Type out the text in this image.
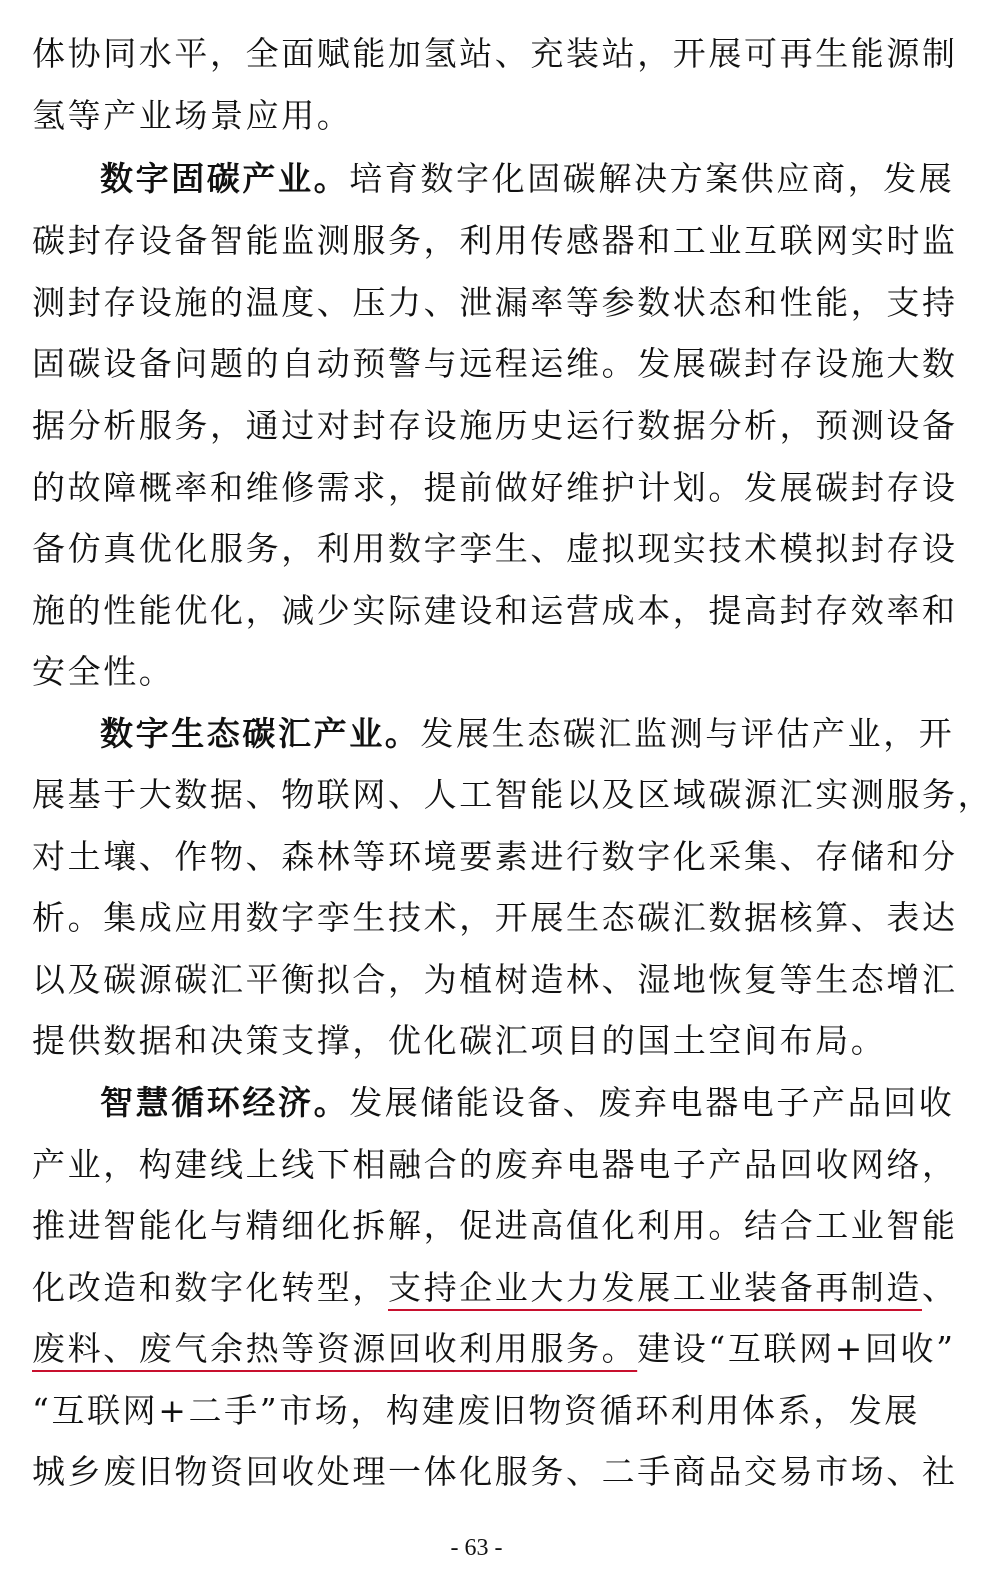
体协同水平，全面赋能加氢站、充装站，开展可再生能源制
氢等产业场景应用。
数字固碳产业。培育数字化固碳解决方案供应商，发展
碳封存设备智能监测服务，利用传感器和工业互联网实时监
测封存设施的温度、压力、泄漏率等参数状态和性能，支持
固碳设备问题的自动预警与远程运维。发展碳封存设施大数
据分析服务，通过对封存设施历史运行数据分析，预测设备
的故障概率和维修需求，提前做好维护计划。发展碳封存设
备仿真优化服务，利用数字孪生、虚拟现实技术模拟封存设
施的性能优化，减少实际建设和运营成本，提高封存效率和
安全性。
数字生态碳汇产业。发展生态碳汇监测与评估产业，开
展基于大数据、物联网、人工智能以及区域碳源汇实测服务，
对土壤、作物、森林等环境要素进行数字化采集、存储和分
析。集成应用数字孪生技术，开展生态碳汇数据核算、表达
以及碳源碳汇平衡拟合，为植树造林、湿地恢复等生态增汇
提供数据和决策支撑，优化碳汇项目的国土空间布局。
智慧循环经济。发展储能设备、废弃电器电子产品回收
产业，构建线上线下相融合的废弃电器电子产品回收网络，
推进智能化与精细化拆解，促进高值化利用。结合工业智能
化改造和数字化转型，支持企业大力发展工业装备再制造、
废料、废气余热等资源回收利用服务。建设“互联网+回收”
“互联网+二手”市场，构建废旧物资循环利用体系，发展
城乡废旧物资回收处理一体化服务、二手商品交易市场、社
- 63 -
